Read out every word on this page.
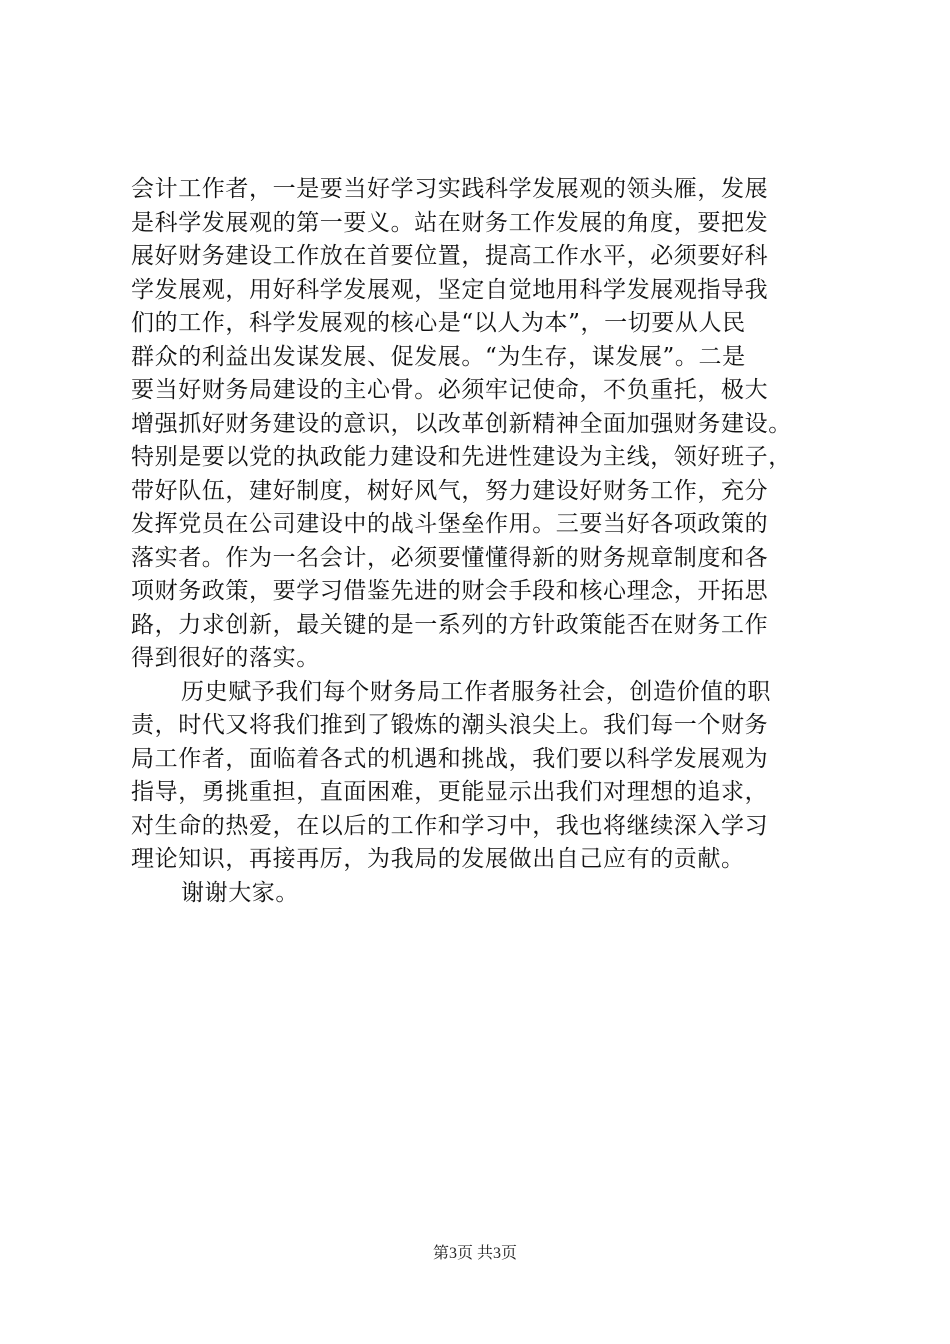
会计工作者，一是要当好学习实践科学发展观的领头雁，发展
是科学发展观的第一要义。站在财务工作发展的角度，要把发
展好财务建设工作放在首要位置，提高工作水平，必须要好科
学发展观，用好科学发展观，坚定自觉地用科学发展观指导我
们的工作，科学发展观的核心是“以人为本”，一切要从人民
群众的利益出发谋发展、促发展。“为生存，谋发展”。二是
要当好财务局建设的主心骨。必须牢记使命，不负重托，极大
增强抓好财务建设的意识，以改革创新精神全面加强财务建设。
特别是要以党的执政能力建设和先进性建设为主线，领好班子，
带好队伍，建好制度，树好风气，努力建设好财务工作，充分
发挥党员在公司建设中的战斗堡垒作用。三要当好各项政策的
落实者。作为一名会计，必须要懂懂得新的财务规章制度和各
项财务政策，要学习借鉴先进的财会手段和核心理念，开拓思
路，力求创新，最关键的是一系列的方针政策能否在财务工作
得到很好的落实。
历史赋予我们每个财务局工作者服务社会，创造价值的职
责，时代又将我们推到了锻炼的潮头浪尖上。我们每一个财务
局工作者，面临着各式的机遇和挑战，我们要以科学发展观为
指导，勇挑重担，直面困难，更能显示出我们对理想的追求，
对生命的热爱，在以后的工作和学习中，我也将继续深入学习
理论知识，再接再厉，为我局的发展做出自己应有的贡献。
谢谢大家。
第3页 共3页
